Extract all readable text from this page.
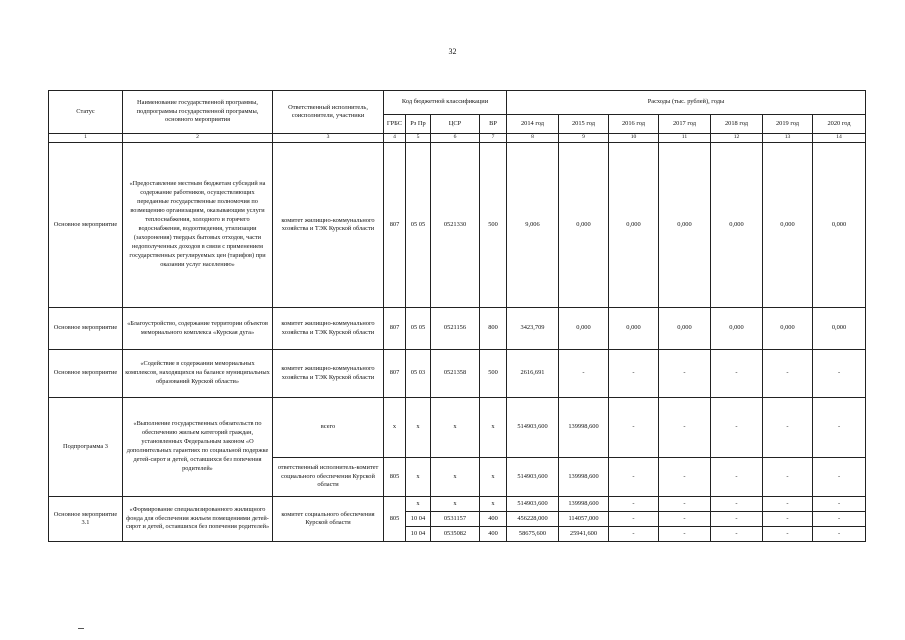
32
Статус	Наименование государственной программы, подпрограммы государственной программы, основного мероприятия	Ответственный исполнитель, соисполнители, участники	Код бюджетной классификации				Расходы (тыс. рублей), годы						
			ГРБС	Рз Пр	ЦСР	ВР	2014 год	2015 год	2016 год	2017 год	2018 год	2019 год	2020 год
1	2	3	4	5	6	7	8	9	10	11	12	13	14
Основное мероприятие	«Предоставление местным бюджетам субсидий на содержание работников, осуществляющих переданные государственные полномочия по возмещению организациям, оказывающим услуги теплоснабжения, холодного и горячего водоснабжения, водоотведения, утилизации (захоронения) твердых бытовых отходов, части недополученных доходов в связи с применением государственных регулируемых цен (тарифов) при оказании услуг населению»	комитет жилищно-коммунального хозяйства и ТЭК Курской области	807	05 05	0521330	500	9,006	0,000	0,000	0,000	0,000	0,000	0,000
Основное мероприятие	«Благоустройство, содержание территории объектов мемориального комплекса «Курская дуга»	комитет жилищно-коммунального хозяйства и ТЭК Курской области	807	05 05	0521156	800	3423,709	0,000	0,000	0,000	0,000	0,000	0,000
Основное мероприятие	«Содействие в содержании мемориальных комплексов, находящихся на балансе муниципальных образований Курской области»	комитет жилищно-коммунального хозяйства и ТЭК Курской области	807	05 03	0521358	500	2616,691	-	-	-	-	-	-
Подпрограмма 3	«Выполнение государственных обязательств по обеспечению жильем категорий граждан, установленных Федеральным законом «О дополнительных гарантиях по социальной подержке детей-сирот и детей, оставшихся без попечения родителей»	всего	x	x	x	x	514903,600	139998,600	-	-	-	-	-
		ответственный исполнитель-комитет социального обеспечения Курской области	805	x	x	x	514903,600	139998,600	-	-	-	-	-
Основное мероприятие 3.1	«Формирование специализированного жилищного фонда для обеспечения жильем помещениями детей-сирот и детей, оставшихся без попечения родителей»	комитет социального обеспечения Курской области	805	x	x	x	514903,600	139998,600	-	-	-	-	-
				10 04	0531157	400	456228,000	114057,000	-	-	-	-	-
				10 04	0535082	400	58675,600	25941,600	-	-	-	-	-
